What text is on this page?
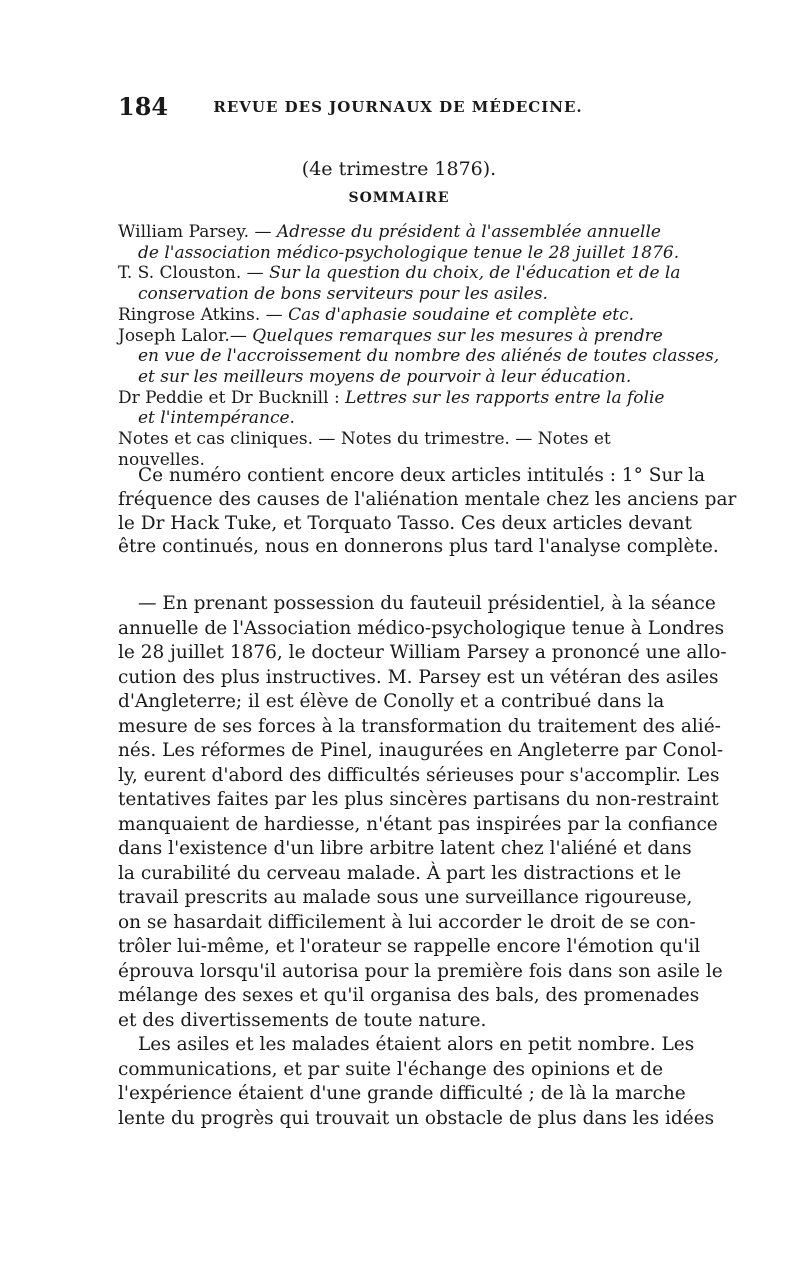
184	REVUE DES JOURNAUX DE MÉDECINE.
(4e trimestre 1876).
SOMMAIRE
William Parsey. — Adresse du président à l'assemblée annuelle
de l'association médico-psychologique tenue le 28 juillet 1876.
T. S. Clouston. — Sur la question du choix, de l'éducation et de la
conservation de bons serviteurs pour les asiles.
Ringrose Atkins. — Cas d'aphasie soudaine et complète etc.
Joseph Lalor.— Quelques remarques sur les mesures à prendre
en vue de l'accroissement du nombre des aliénés de toutes classes,
et sur les meilleurs moyens de pourvoir à leur éducation.
Dr Peddie et Dr Bucknill : Lettres sur les rapports entre la folie
et l'intempérance.
Notes et cas cliniques. — Notes du trimestre. — Notes et
nouvelles.
Ce numéro contient encore deux articles intitulés : 1° Sur la
fréquence des causes de l'aliénation mentale chez les anciens par
le Dr Hack Tuke, et Torquato Tasso. Ces deux articles devant
être continués, nous en donnerons plus tard l'analyse complète.
— En prenant possession du fauteuil présidentiel, à la séance
annuelle de l'Association médico-psychologique tenue à Londres
le 28 juillet 1876, le docteur William Parsey a prononcé une allo-
cution des plus instructives. M. Parsey est un vétéran des asiles
d'Angleterre; il est élève de Conolly et a contribué dans la
mesure de ses forces à la transformation du traitement des alié-
nés. Les réformes de Pinel, inaugurées en Angleterre par Conol-
ly, eurent d'abord des difficultés sérieuses pour s'accomplir. Les
tentatives faites par les plus sincères partisans du non-restraint
manquaient de hardiesse, n'étant pas inspirées par la confiance
dans l'existence d'un libre arbitre latent chez l'aliéné et dans
la curabilité du cerveau malade. À part les distractions et le
travail prescrits au malade sous une surveillance rigoureuse,
on se hasardait difficilement à lui accorder le droit de se con-
trôler lui-même, et l'orateur se rappelle encore l'émotion qu'il
éprouva lorsqu'il autorisa pour la première fois dans son asile le
mélange des sexes et qu'il organisa des bals, des promenades
et des divertissements de toute nature.
Les asiles et les malades étaient alors en petit nombre. Les
communications, et par suite l'échange des opinions et de
l'expérience étaient d'une grande difficulté ; de là la marche
lente du progrès qui trouvait un obstacle de plus dans les idées
